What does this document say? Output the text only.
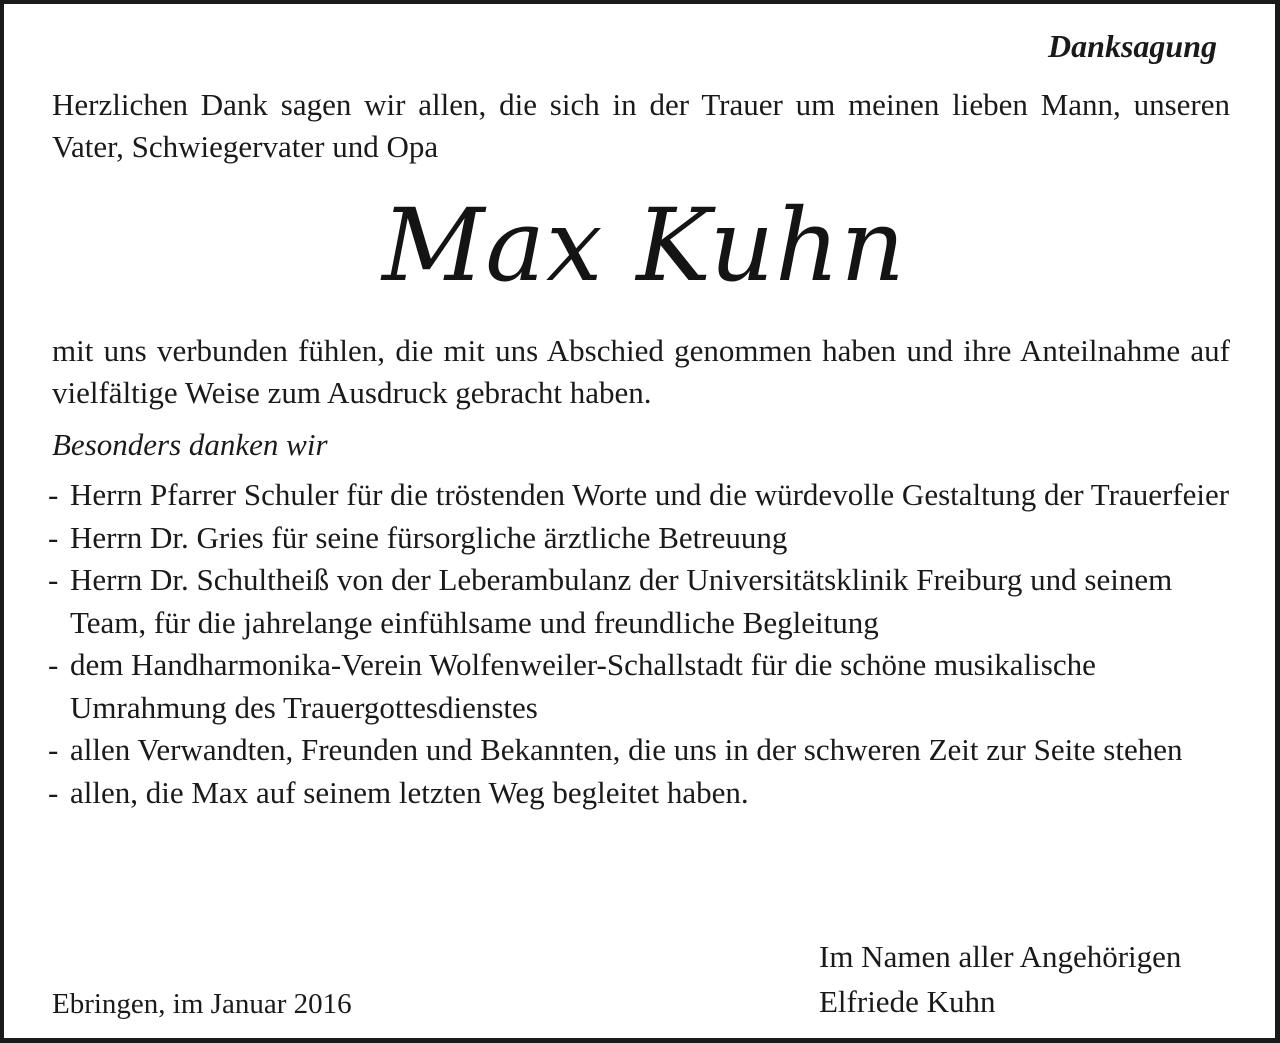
Danksagung

Herzlichen Dank sagen wir allen, die sich in der Trauer um meinen lieben Mann, unseren Vater, Schwiegervater und Opa

Max Kuhn

mit uns verbunden fühlen, die mit uns Abschied genommen haben und ihre Anteilnahme auf vielfältige Weise zum Ausdruck gebracht haben.

Besonders danken wir

- Herrn Pfarrer Schuler für die tröstenden Worte und die würdevolle Gestaltung der Trauerfeier
- Herrn Dr. Gries für seine fürsorgliche ärztliche Betreuung
- Herrn Dr. Schultheiß von der Leberambulanz der Universitätsklinik Freiburg und seinem Team, für die jahrelange einfühlsame und freundliche Begleitung
- dem Handharmonika-Verein Wolfenweiler-Schallstadt für die schöne musikalische Umrahmung des Trauergottesdienstes
- allen Verwandten, Freunden und Bekannten, die uns in der schweren Zeit zur Seite stehen
- allen, die Max auf seinem letzten Weg begleitet haben.
Im Namen aller Angehörigen
Elfriede Kuhn

Ebringen, im Januar 2016
